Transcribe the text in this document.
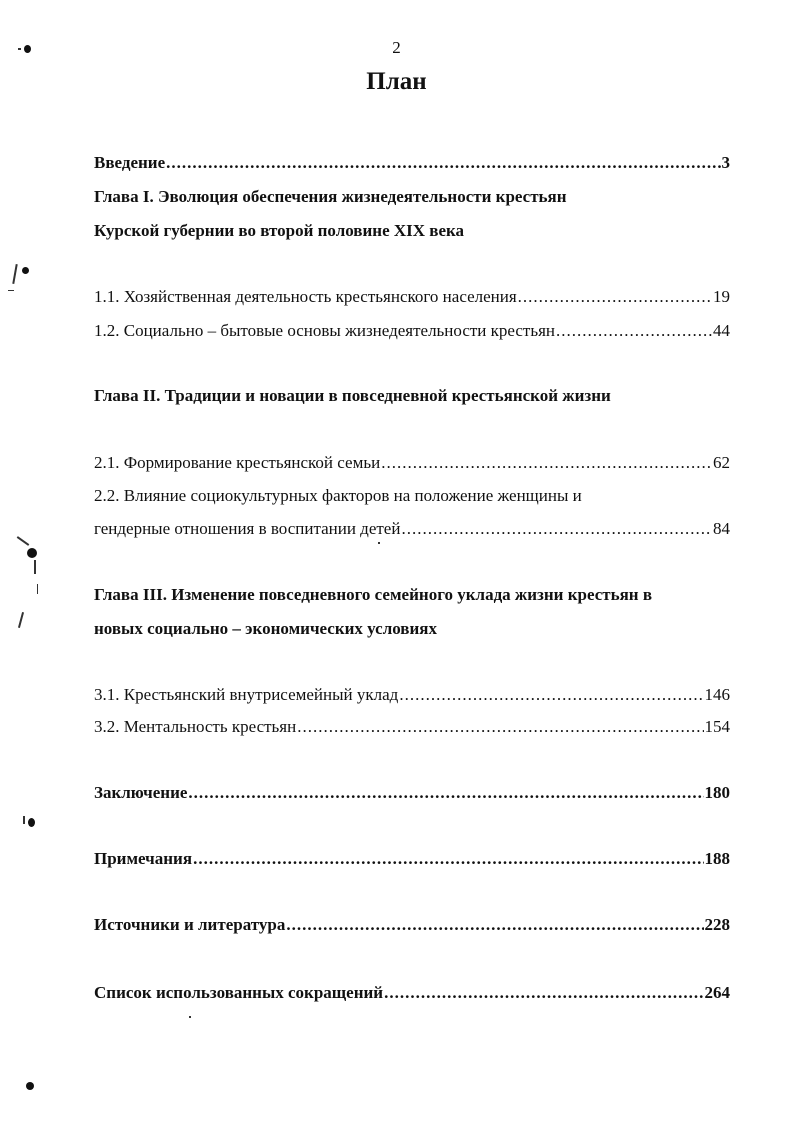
2
План
Введение .....	3
Глава I. Эволюция обеспечения жизнедеятельности крестьян
Курской губернии во второй половине XIX века
1.1. Хозяйственная деятельность крестьянского населения .....	19
1.2. Социально – бытовые основы жизнедеятельности крестьян .....	44
Глава II. Традиции и новации в повседневной крестьянской жизни
2.1. Формирование крестьянской семьи .....	62
2.2. Влияние социокультурных факторов на положение женщины и
гендерные отношения в воспитании детей .....	84
Глава III. Изменение повседневного семейного уклада жизни крестьян в
новых социально – экономических условиях
3.1. Крестьянский внутрисемейный уклад .....	146
3.2. Ментальность крестьян .....	154
Заключение .....	180
Примечания .....	188
Источники и литература .....	228
Список использованных сокращений .....	264
